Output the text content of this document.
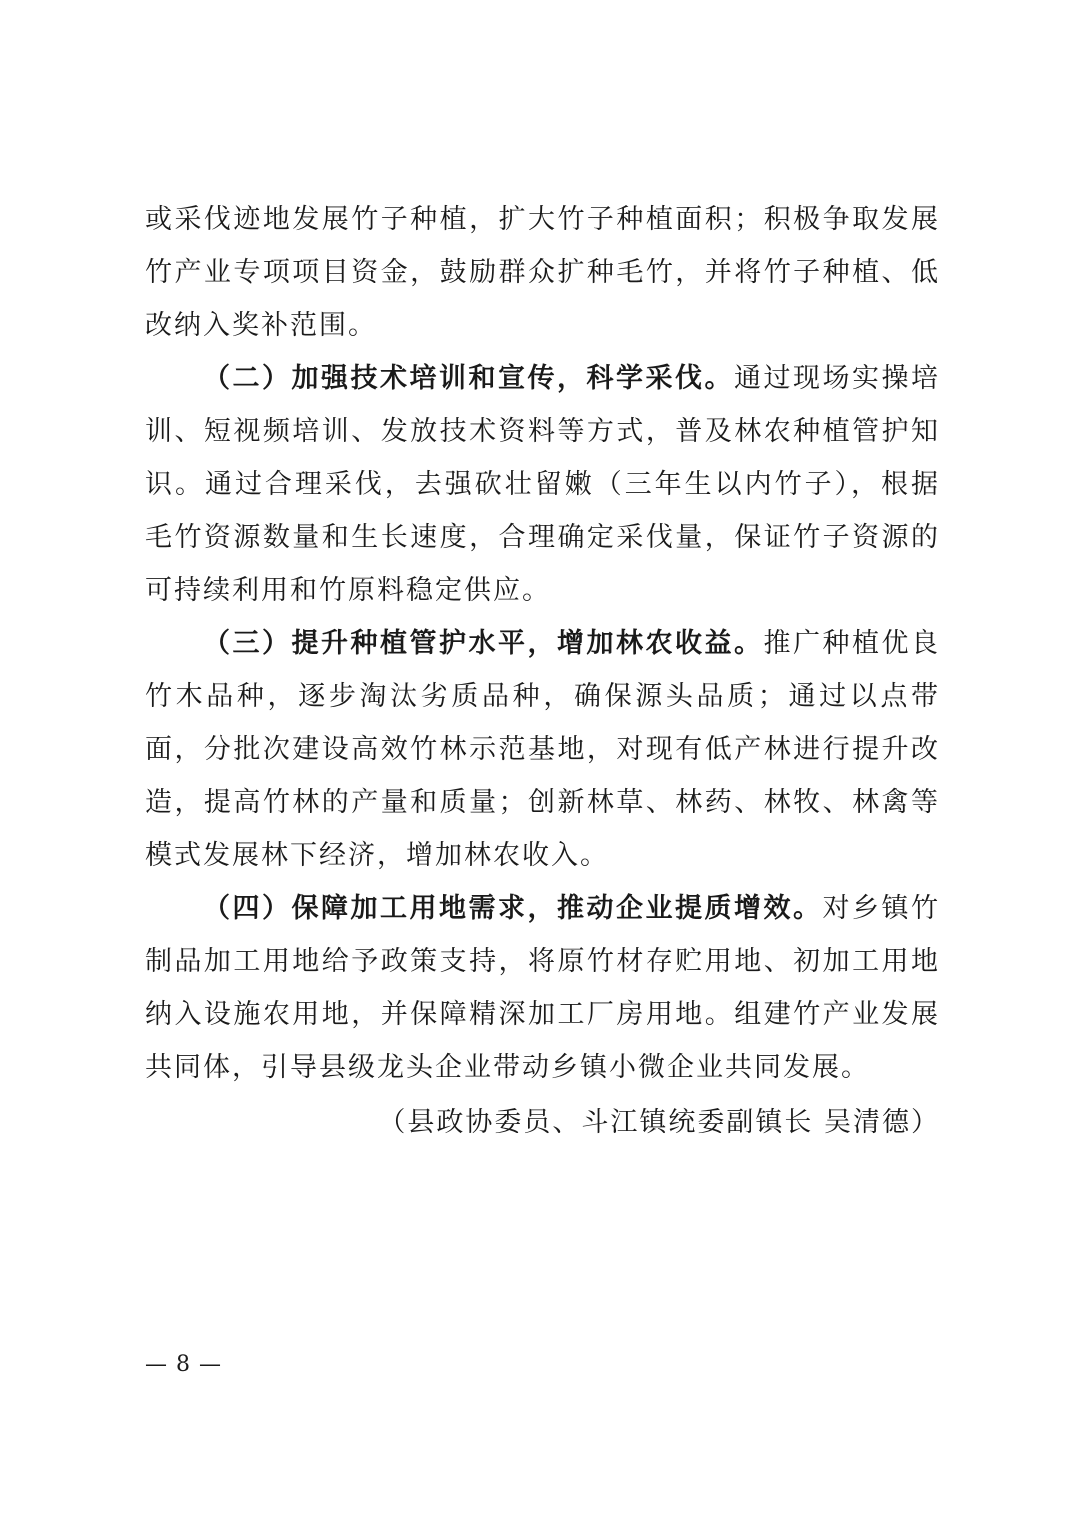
或采伐迹地发展竹子种植，扩大竹子种植面积；积极争取发展竹产业专项项目资金，鼓励群众扩种毛竹，并将竹子种植、低改纳入奖补范围。

（二）加强技术培训和宣传，科学采伐。通过现场实操培训、短视频培训、发放技术资料等方式，普及林农种植管护知识。通过合理采伐，去强砍壮留嫩（三年生以内竹子），根据毛竹资源数量和生长速度，合理确定采伐量，保证竹子资源的可持续利用和竹原料稳定供应。

（三）提升种植管护水平，增加林农收益。推广种植优良竹木品种，逐步淘汰劣质品种，确保源头品质；通过以点带面，分批次建设高效竹林示范基地，对现有低产林进行提升改造，提高竹林的产量和质量；创新林草、林药、林牧、林禽等模式发展林下经济，增加林农收入。

（四）保障加工用地需求，推动企业提质增效。对乡镇竹制品加工用地给予政策支持，将原竹材存贮用地、初加工用地纳入设施农用地，并保障精深加工厂房用地。组建竹产业发展共同体，引导县级龙头企业带动乡镇小微企业共同发展。

（县政协委员、斗江镇统委副镇长 吴清德）

— 8 —
